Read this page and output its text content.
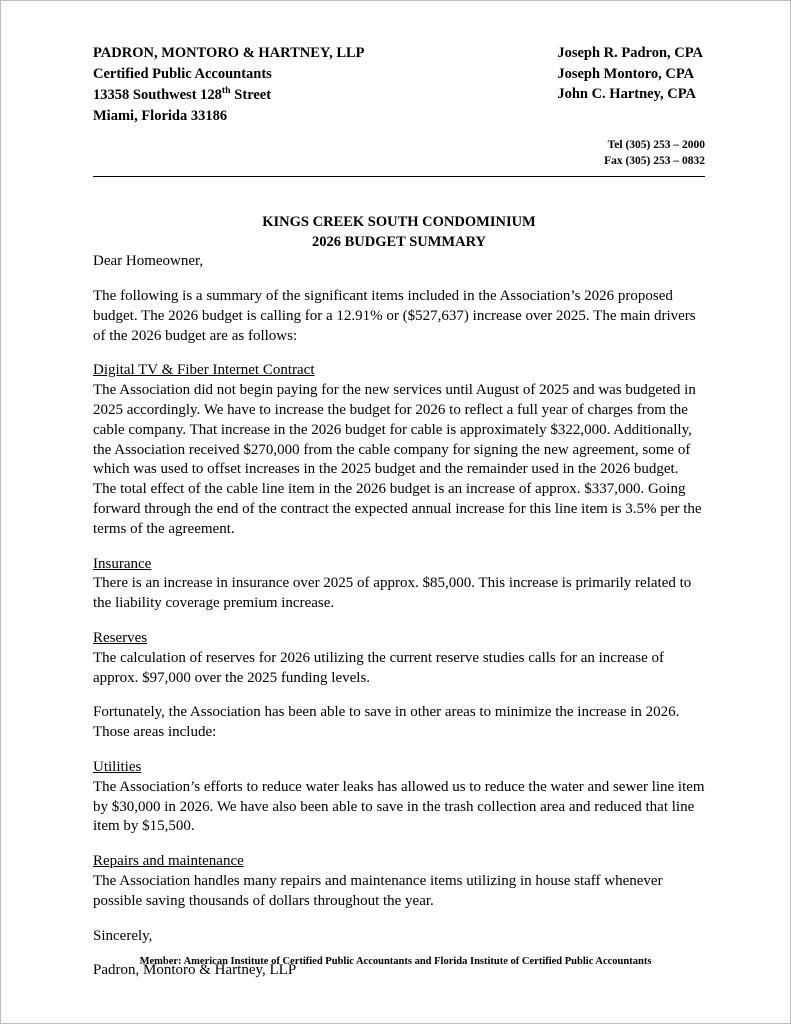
PADRON, MONTORO & HARTNEY, LLP
Certified Public Accountants
13358 Southwest 128th Street
Miami, Florida 33186
Joseph R. Padron, CPA
Joseph Montoro, CPA
John C. Hartney, CPA
Tel (305) 253 – 2000
Fax (305) 253 – 0832
KINGS CREEK SOUTH CONDOMINIUM
2026 BUDGET SUMMARY

Dear Homeowner,

The following is a summary of the significant items included in the Association’s 2026 proposed budget. The 2026 budget is calling for a 12.91% or ($527,637) increase over 2025. The main drivers of the 2026 budget are as follows:

Digital TV & Fiber Internet Contract

The Association did not begin paying for the new services until August of 2025 and was budgeted in 2025 accordingly. We have to increase the budget for 2026 to reflect a full year of charges from the cable company. That increase in the 2026 budget for cable is approximately $322,000. Additionally, the Association received $270,000 from the cable company for signing the new agreement, some of which was used to offset increases in the 2025 budget and the remainder used in the 2026 budget. The total effect of the cable line item in the 2026 budget is an increase of approx. $337,000. Going forward through the end of the contract the expected annual increase for this line item is 3.5% per the terms of the agreement.

Insurance

There is an increase in insurance over 2025 of approx. $85,000. This increase is primarily related to the liability coverage premium increase.

Reserves

The calculation of reserves for 2026 utilizing the current reserve studies calls for an increase of approx. $97,000 over the 2025 funding levels.

Fortunately, the Association has been able to save in other areas to minimize the increase in 2026. Those areas include:

Utilities

The Association’s efforts to reduce water leaks has allowed us to reduce the water and sewer line item by $30,000 in 2026. We have also been able to save in the trash collection area and reduced that line item by $15,500.

Repairs and maintenance

The Association handles many repairs and maintenance items utilizing in house staff whenever possible saving thousands of dollars throughout the year.

Sincerely,

Padron, Montoro & Hartney, LLP

Member: American Institute of Certified Public Accountants and Florida Institute of Certified Public Accountants
